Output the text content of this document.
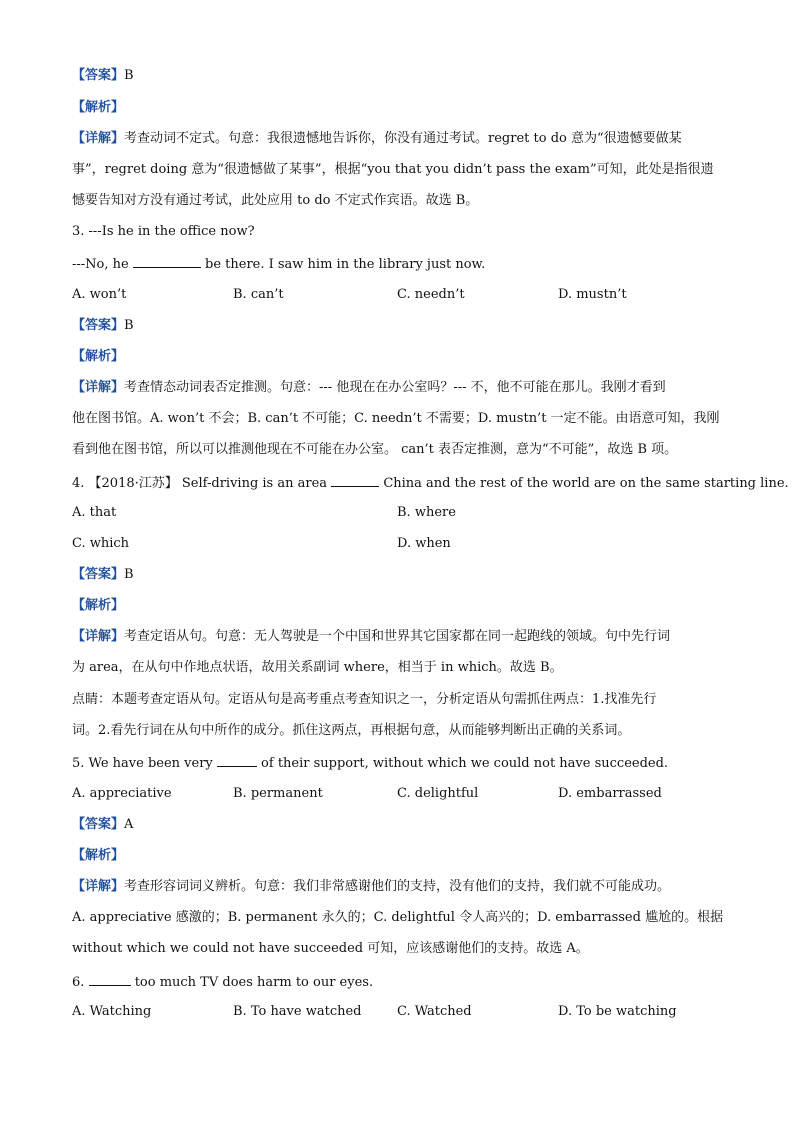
【答案】B
【解析】
【详解】考查动词不定式。句意：我很遗憾地告诉你，你没有通过考试。regret to do 意为“很遗憾要做某
事”，regret doing 意为“很遗憾做了某事”，根据“you that you didn’t pass the exam”可知，此处是指很遗
憾要告知对方没有通过考试，此处应用 to do 不定式作宾语。故选 B。
3. ---Is he in the office now?
---No, he	be there. I saw him in the library just now.
A. won’t	B. can’t	C. needn’t	D. mustn’t
【答案】B
【解析】
【详解】考查情态动词表否定推测。句意：--- 他现在在办公室吗？--- 不，他不可能在那儿。我刚才看到
他在图书馆。A. won’t 不会；B. can’t 不可能；C. needn’t 不需要；D. mustn’t 一定不能。由语意可知，我刚
看到他在图书馆，所以可以推测他现在不可能在办公室。 can’t 表否定推测，意为“不可能”，故选 B 项。
4. 【2018·江苏】 Self-driving is an area	China and the rest of the world are on the same starting line.
A. that	B. where
C. which	D. when
【答案】B
【解析】
【详解】考查定语从句。句意：无人驾驶是一个中国和世界其它国家都在同一起跑线的领域。句中先行词
为 area，在从句中作地点状语，故用关系副词 where，相当于 in which。故选 B。
点睛：本题考查定语从句。定语从句是高考重点考查知识之一，分析定语从句需抓住两点：1.找准先行
词。2.看先行词在从句中所作的成分。抓住这两点，再根据句意，从而能够判断出正确的关系词。
5. We have been very	of their support, without which we could not have succeeded.
A. appreciative	B. permanent	C. delightful	D. embarrassed
【答案】A
【解析】
【详解】考查形容词词义辨析。句意：我们非常感谢他们的支持，没有他们的支持，我们就不可能成功。
A. appreciative 感激的；B. permanent 永久的；C. delightful 令人高兴的；D. embarrassed 尴尬的。根据
without which we could not have succeeded 可知，应该感谢他们的支持。故选 A。
6.	too much TV does harm to our eyes.
A. Watching	B. To have watched	C. Watched	D. To be watching
